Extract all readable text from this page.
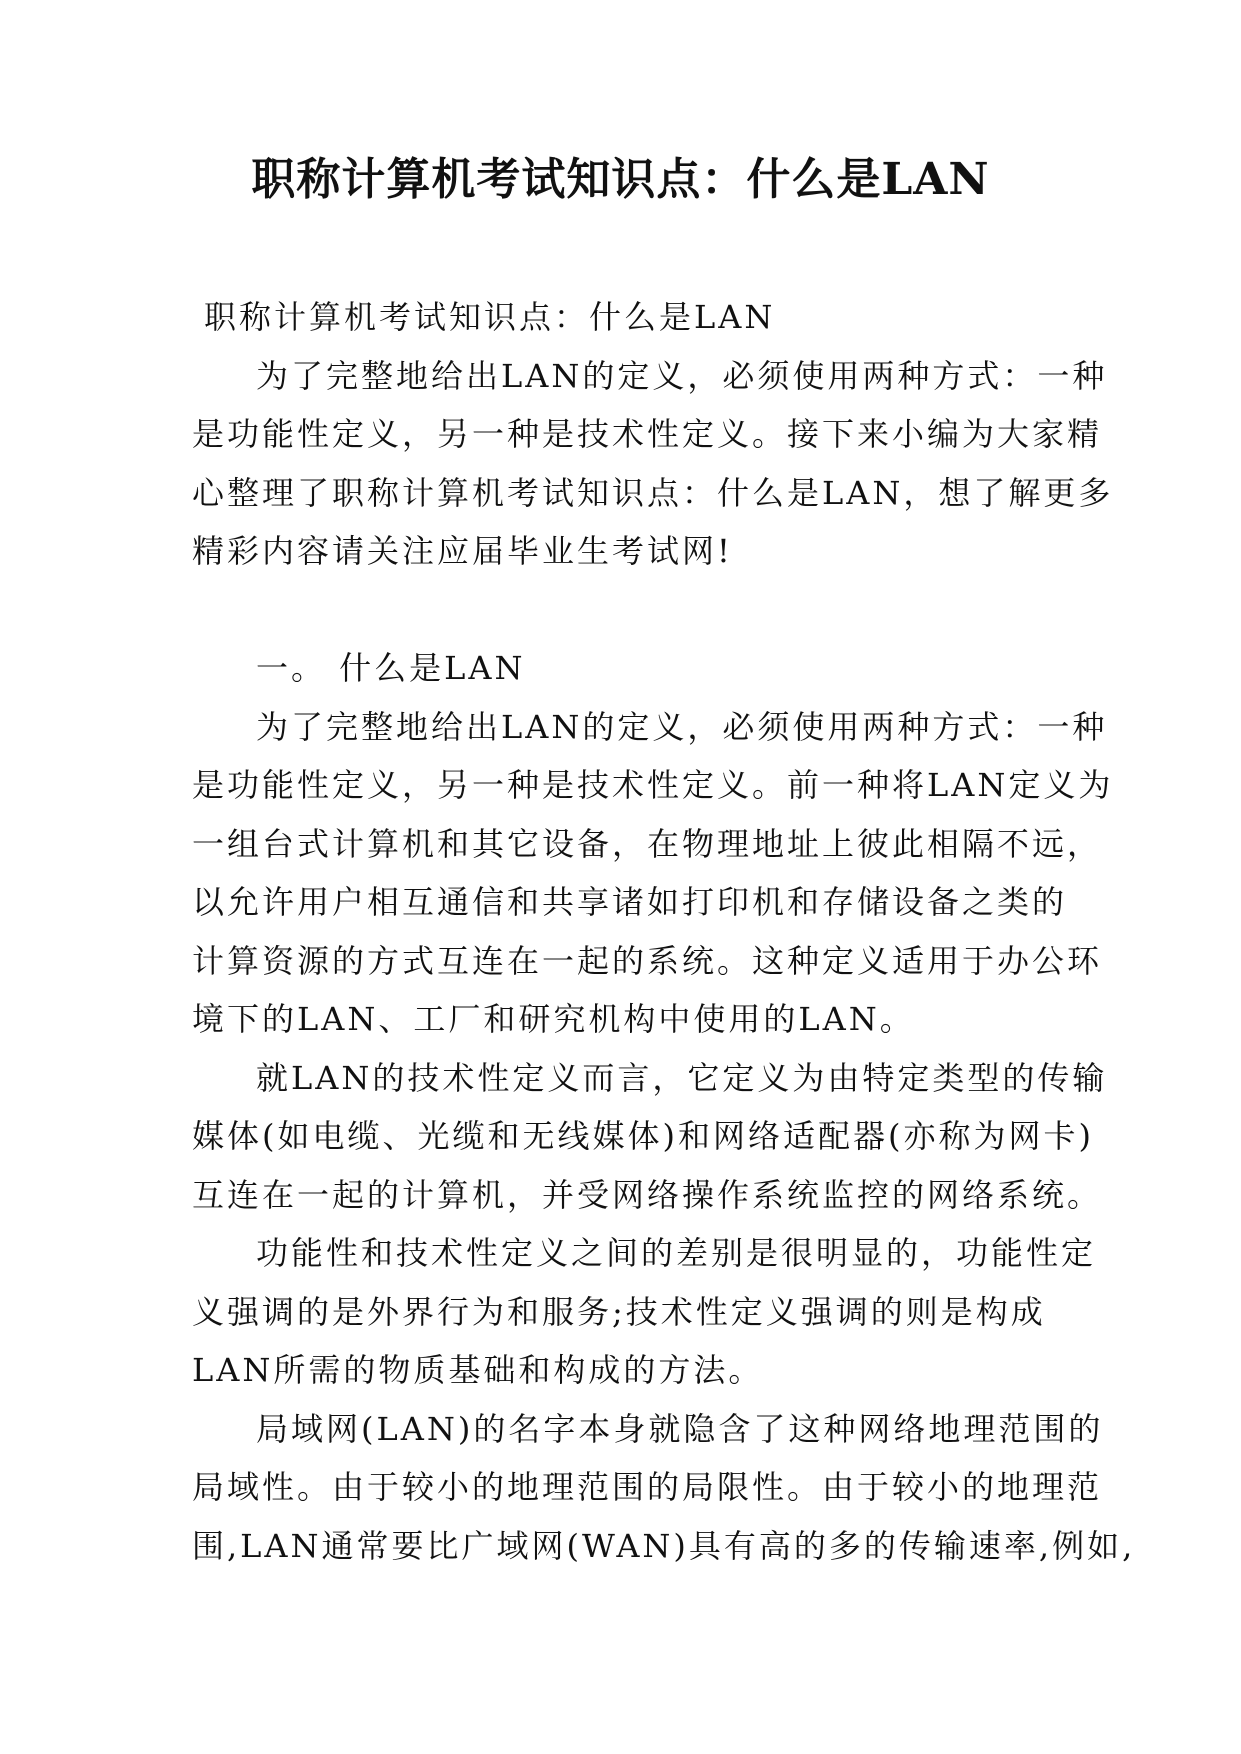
职称计算机考试知识点：什么是LAN
职称计算机考试知识点：什么是LAN
为了完整地给出LAN的定义，必须使用两种方式：一种
是功能性定义，另一种是技术性定义。接下来小编为大家精
心整理了职称计算机考试知识点：什么是LAN，想了解更多
精彩内容请关注应届毕业生考试网!
一。 什么是LAN
为了完整地给出LAN的定义，必须使用两种方式：一种
是功能性定义，另一种是技术性定义。前一种将LAN定义为
一组台式计算机和其它设备，在物理地址上彼此相隔不远，
以允许用户相互通信和共享诸如打印机和存储设备之类的
计算资源的方式互连在一起的系统。这种定义适用于办公环
境下的LAN、工厂和研究机构中使用的LAN。
就LAN的技术性定义而言，它定义为由特定类型的传输
媒体(如电缆、光缆和无线媒体)和网络适配器(亦称为网卡)
互连在一起的计算机，并受网络操作系统监控的网络系统。
功能性和技术性定义之间的差别是很明显的，功能性定
义强调的是外界行为和服务;技术性定义强调的则是构成
LAN所需的物质基础和构成的方法。
局域网(LAN)的名字本身就隐含了这种网络地理范围的
局域性。由于较小的地理范围的局限性。由于较小的地理范
围,LAN通常要比广域网(WAN)具有高的多的传输速率,例如,
